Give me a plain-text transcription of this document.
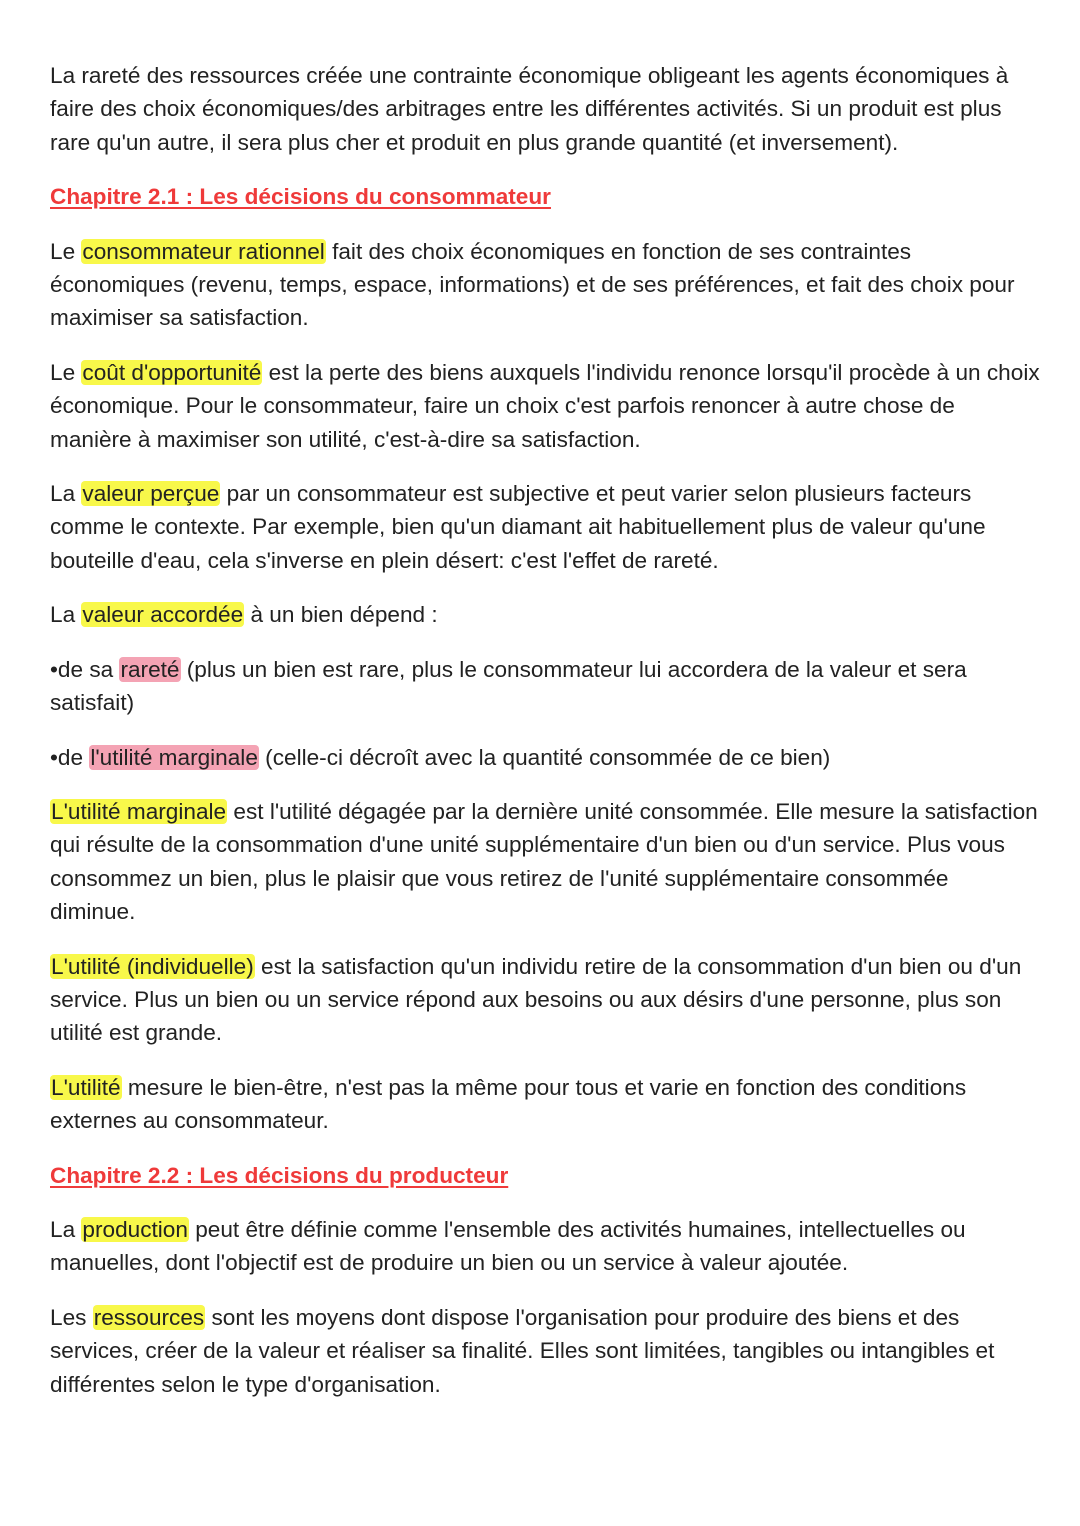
La rareté des ressources créée une contrainte économique obligeant les agents économiques à faire des choix économiques/des arbitrages entre les différentes activités. Si un produit est plus rare qu'un autre, il sera plus cher et produit en plus grande quantité (et inversement).

Chapitre 2.1 : Les décisions du consommateur

Le consommateur rationnel fait des choix économiques en fonction de ses contraintes économiques (revenu, temps, espace, informations) et de ses préférences, et fait des choix pour maximiser sa satisfaction.

Le coût d'opportunité est la perte des biens auxquels l'individu renonce lorsqu'il procède à un choix économique. Pour le consommateur, faire un choix c'est parfois renoncer à autre chose de manière à maximiser son utilité, c'est-à-dire sa satisfaction.

La valeur perçue par un consommateur est subjective et peut varier selon plusieurs facteurs comme le contexte. Par exemple, bien qu'un diamant ait habituellement plus de valeur qu'une bouteille d'eau, cela s'inverse en plein désert: c'est l'effet de rareté.

La valeur accordée à un bien dépend :

•de sa rareté (plus un bien est rare, plus le consommateur lui accordera de la valeur et sera satisfait)

•de l'utilité marginale (celle-ci décroît avec la quantité consommée de ce bien)

L'utilité marginale est l'utilité dégagée par la dernière unité consommée. Elle mesure la satisfaction qui résulte de la consommation d'une unité supplémentaire d'un bien ou d'un service. Plus vous consommez un bien, plus le plaisir que vous retirez de l'unité supplémentaire consommée diminue.

L'utilité (individuelle) est la satisfaction qu'un individu retire de la consommation d'un bien ou d'un service. Plus un bien ou un service répond aux besoins ou aux désirs d'une personne, plus son utilité est grande.

L'utilité mesure le bien-être, n'est pas la même pour tous et varie en fonction des conditions externes au consommateur.

Chapitre 2.2 : Les décisions du producteur

La production peut être définie comme l'ensemble des activités humaines, intellectuelles ou manuelles, dont l'objectif est de produire un bien ou un service à valeur ajoutée.

Les ressources sont les moyens dont dispose l'organisation pour produire des biens et des services, créer de la valeur et réaliser sa finalité. Elles sont limitées, tangibles ou intangibles et différentes selon le type d'organisation.
